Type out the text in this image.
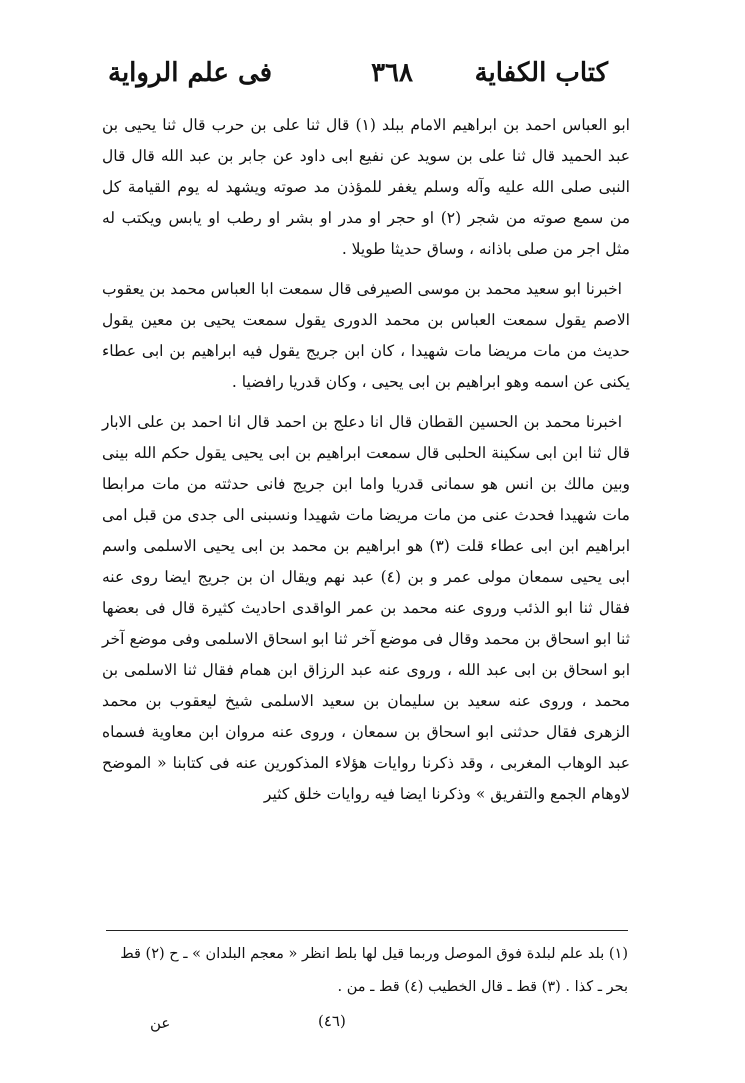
كتاب الكفاية
٣٦٨
فى علم الرواية

ابو العباس احمد بن ابراهيم الامام ببلد (١) قال ثنا على بن حرب قال ثنا يحيى بن عبد الحميد قال ثنا على بن سويد عن نفيع ابى داود عن جابر بن عبد الله قال قال النبى صلى الله عليه وآله وسلم يغفر للمؤذن مد صوته ويشهد له يوم القيامة كل من سمع صوته من شجر (٢) او حجر او مدر او بشر او رطب او يابس ويكتب له مثل اجر من صلى باذانه ، وساق حديثا طويلا .

اخبرنا ابو سعيد محمد بن موسى الصيرفى قال سمعت ابا العباس محمد بن يعقوب الاصم يقول سمعت العباس بن محمد الدورى يقول سمعت يحيى بن معين يقول حديث من مات مريضا مات شهيدا ، كان ابن جريج يقول فيه ابراهيم بن ابى عطاء يكنى عن اسمه وهو ابراهيم بن ابى يحيى ، وكان قدريا رافضيا .

اخبرنا محمد بن الحسين القطان قال انا دعلج بن احمد قال انا احمد بن على الابار قال ثنا ابن ابى سكينة الحلبى قال سمعت ابراهيم بن ابى يحيى يقول حكم الله بينى وبين مالك بن انس هو سمانى قدريا واما ابن جريج فانى حدثته من مات مرابطا مات شهيدا فحدث عنى من مات مريضا مات شهيدا ونسبنى الى جدى من قبل امى ابراهيم ابن ابى عطاء قلت (٣) هو ابراهيم بن محمد بن ابى يحيى الاسلمى واسم ابى يحيى سمعان مولى عمر و بن (٤) عبد نهم ويقال ان بن جريج ايضا روى عنه فقال ثنا ابو الذئب وروى عنه محمد بن عمر الواقدى احاديث كثيرة قال فى بعضها ثنا ابو اسحاق بن محمد وقال فى موضع آخر ثنا ابو اسحاق الاسلمى وفى موضع آخر ابو اسحاق بن ابى عبد الله ، وروى عنه عبد الرزاق ابن همام فقال ثنا الاسلمى بن محمد ، وروى عنه سعيد بن سليمان بن سعيد الاسلمى شيخ ليعقوب بن محمد الزهرى فقال حدثنى ابو اسحاق بن سمعان ، وروى عنه مروان ابن معاوية فسماه عبد الوهاب المغربى ، وقد ذكرنا روايات هؤلاء المذكورين عنه فى كتابنا « الموضح لاوهام الجمع والتفريق » وذكرنا ايضا فيه روايات خلق كثير

(١) بلد علم لبلدة فوق الموصل وربما قيل لها بلط انظر « معجم البلدان » ـ ح (٢) قط
بحر ـ كذا . (٣) قط ـ قال الخطيب (٤) قط ـ من .
(٤٦)
عن
